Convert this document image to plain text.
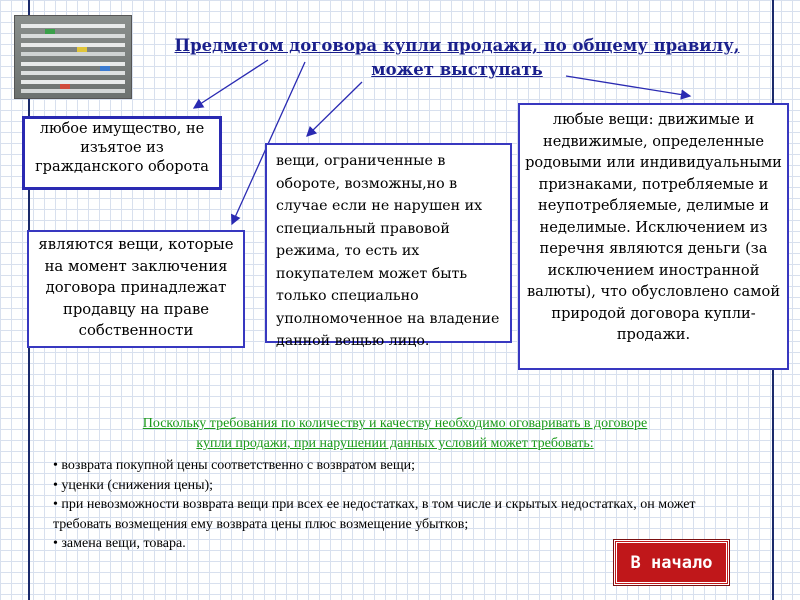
Предметом договора купли продажи, по общему правилу,
может выступать
любое имущество, не изъятое из гражданского оборота
являются вещи, которые на момент заключения договора принадлежат продавцу на праве собственности
вещи, ограниченные в обороте, возможны,но в случае если не нарушен их специальный правовой режима, то есть их покупателем может быть только специально уполномоченное на владение данной вещью лицо.
любые вещи: движимые и недвижимые, определенные родовыми или индивидуальными признаками, потребляемые и неупотребляемые, делимые и неделимые. Исключением из перечня являются деньги (за исключением иностранной валюты), что обусловлено самой природой договора купли-продажи.
Поскольку требования по количеству и качеству необходимо оговаривать в договоре
купли продажи, при нарушении данных условий может требовать:
• возврата покупной цены соответственно с возвратом вещи;
• уценки (снижения цены);
• при невозможности возврата вещи при всех ее недостатках, в том числе и скрытых недостатках, он может требовать возмещения ему возврата цены плюс возмещение убытков;
• замена вещи, товара.
В начало
